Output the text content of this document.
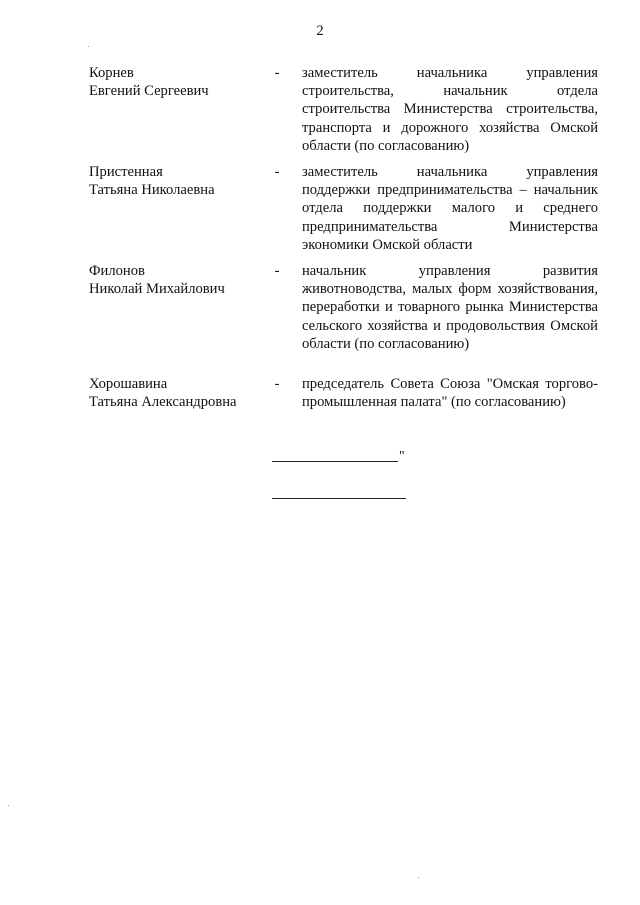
2
Корнев
Евгений Сергеевич
- заместитель начальника управления строительства, начальник отдела строительства Министерства строительства, транспорта и дорожного хозяйства Омской области (по согласованию)
Пристенная
Татьяна Николаевна
- заместитель начальника управления поддержки предпринимательства – начальник отдела поддержки малого и среднего предпринимательства Министерства экономики Омской области
Филонов
Николай Михайлович
- начальник управления развития животноводства, малых форм хозяйствования, переработки и товарного рынка Министерства сельского хозяйства и продовольствия Омской области (по согласованию)
Хорошавина
Татьяна Александровна
- председатель Совета Союза "Омская торгово-промышленная палата" (по согласованию)
"
